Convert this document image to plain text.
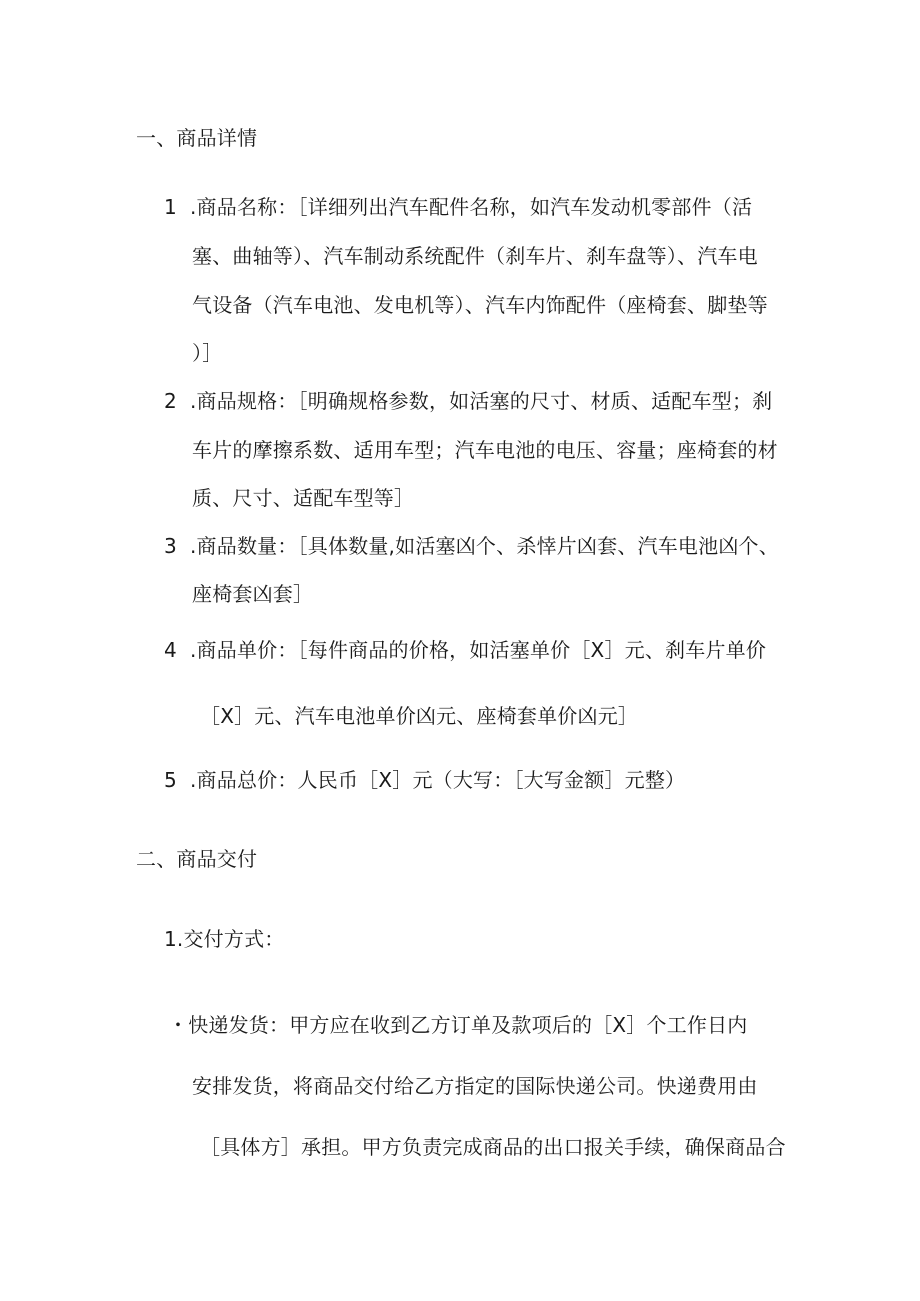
一、商品详情
1 .商品名称：［详细列出汽车配件名称，如汽车发动机零部件（活
塞、曲轴等）、汽车制动系统配件（刹车片、刹车盘等）、汽车电
气设备（汽车电池、发电机等）、汽车内饰配件（座椅套、脚垫等
）］
2 .商品规格：［明确规格参数，如活塞的尺寸、材质、适配车型；刹
车片的摩擦系数、适用车型；汽车电池的电压、容量；座椅套的材
质、尺寸、适配车型等］
3 .商品数量：［具体数量,如活塞凶个、杀悻片凶套、汽车电池凶个、
座椅套凶套］
4 .商品单价：［每件商品的价格，如活塞单价［X］元、刹车片单价
［X］元、汽车电池单价凶元、座椅套单价凶元］
5 .商品总价：人民币［X］元（大写：［大写金额］元整）
二、商品交付
1.交付方式：
・快递发货：甲方应在收到乙方订单及款项后的［X］个工作日内
安排发货，将商品交付给乙方指定的国际快递公司。快递费用由
［具体方］承担。甲方负责完成商品的出口报关手续，确保商品合
